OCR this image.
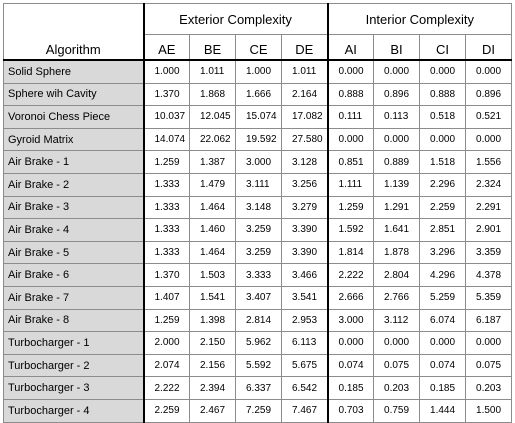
	Exterior Complexity				Interior Complexity			
Algorithm	AE	BE	CE	DE	AI	BI	CI	DI
Solid Sphere	1.000	1.011	1.000	1.011	0.000	0.000	0.000	0.000
Sphere wih Cavity	1.370	1.868	1.666	2.164	0.888	0.896	0.888	0.896
Voronoi Chess Piece	10.037	12.045	15.074	17.082	0.111	0.113	0.518	0.521
Gyroid Matrix	14.074	22.062	19.592	27.580	0.000	0.000	0.000	0.000
Air Brake - 1	1.259	1.387	3.000	3.128	0.851	0.889	1.518	1.556
Air Brake - 2	1.333	1.479	3.111	3.256	1.111	1.139	2.296	2.324
Air Brake - 3	1.333	1.464	3.148	3.279	1.259	1.291	2.259	2.291
Air Brake - 4	1.333	1.460	3.259	3.390	1.592	1.641	2.851	2.901
Air Brake - 5	1.333	1.464	3.259	3.390	1.814	1.878	3.296	3.359
Air Brake - 6	1.370	1.503	3.333	3.466	2.222	2.804	4.296	4.378
Air Brake - 7	1.407	1.541	3.407	3.541	2.666	2.766	5.259	5.359
Air Brake - 8	1.259	1.398	2.814	2.953	3.000	3.112	6.074	6.187
Turbocharger - 1	2.000	2.150	5.962	6.113	0.000	0.000	0.000	0.000
Turbocharger - 2	2.074	2.156	5.592	5.675	0.074	0.075	0.074	0.075
Turbocharger - 3	2.222	2.394	6.337	6.542	0.185	0.203	0.185	0.203
Turbocharger - 4	2.259	2.467	7.259	7.467	0.703	0.759	1.444	1.500
